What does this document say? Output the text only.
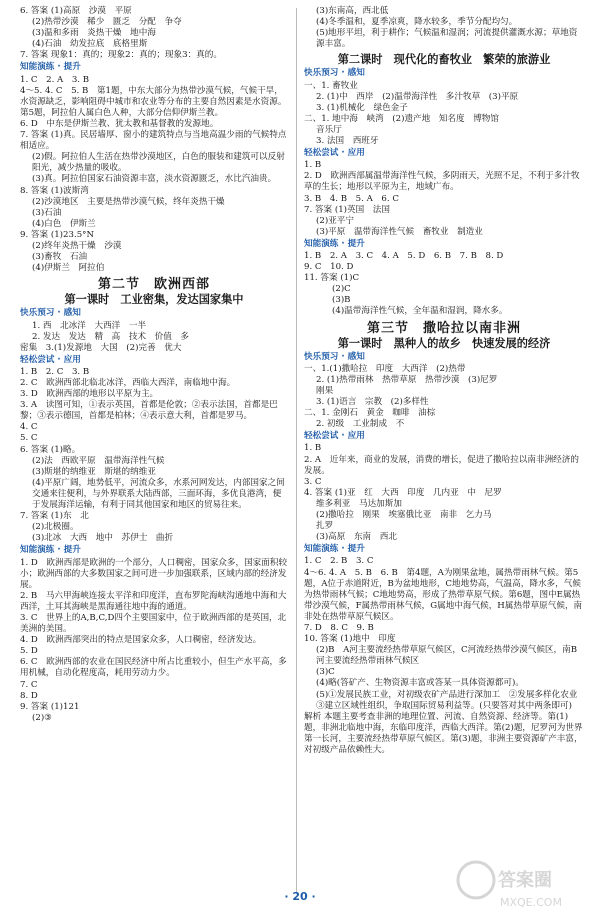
6. 答案 (1)高原　沙漠　平原
(2)热带沙漠　稀少　匮乏　分配　争夺
(3)温和多雨　炎热干燥　地中海
(4)石油　幼发拉底　底格里斯
7. 答案 现象1：真的；现象2：真的；现象3：真的。
知能演练 · 提升
1. C　2. A　3. B
4～5. 4. C　5. B　第1题，中东大部分为热带沙漠气候，气候干旱，水资源缺乏，影响阻碍中城市和农业等分布的主要自然因素是水资源。第5题，阿拉伯人属白色人种，大部分信仰伊斯兰教。
6. D　中东是伊斯兰教、犹太教和基督教的发源地。
7. 答案 (1)真。民居墙厚、窗小的建筑特点与当地高温少雨的气候特点相适应。
(2)假。阿拉伯人生活在热带沙漠地区，白色的服装和建筑可以反射阳光，减少热量的吸收。
(3)真。阿拉伯国家石油资源丰富，淡水资源匮乏，水比汽油贵。
8. 答案 (1)波斯湾
(2)沙漠地区　主要是热带沙漠气候，终年炎热干燥
(3)石油
(4)白色　伊斯兰
9. 答案 (1)23.5°N
(2)终年炎热干燥　沙漠
(3)畜牧　石油
(4)伊斯兰　阿拉伯
第二节　欧洲西部
第一课时　工业密集，发达国家集中
快乐预习 · 感知
1. 西　北冰洋　大西洋　一半
2. 发达　发达　精　高　技术　价值　多
密集　3.(1)发源地　大国　(2)完善　优大
轻松尝试 · 应用
1. B　2. C　3. B
2. C　欧洲西部北临北冰洋，西临大西洋，南临地中海。
3. D　欧洲西部的地形以平原为主。
3. A　读图可知，①表示英国，首都是伦敦；②表示法国，首都是巴黎；③表示德国，首都是柏林；④表示意大利，首都是罗马。
4. C
5. C
6. 答案 (1)略。
(2)法　西欧平原　温带海洋性气候
(3)斯堪的纳维亚　斯堪的纳维亚
(4)平原广阔，地势低平，河流众多，水系河网发达，内部国家之间交通来往便利，与外界联系大陆西部，三面环海，多优良港湾，便于发展海洋运输，有利于同其他国家和地区的贸易往来。
7. 答案 (1)东　北
(2)北极圈。
(3)北冰　大西　地中　苏伊士　曲折
知能演练 · 提升
1. D　欧洲西部是欧洲的一个部分，人口稠密，国家众多，国家面积较小；欧洲西部的大多数国家之间可进一步加强联系，区域内部的经济发展。
2. B　马六甲海峡连接太平洋和印度洋，直布罗陀海峡沟通地中海和大西洋，土耳其海峡是黑海通往地中海的通道。
3. C　世界上的A,B,C,D四个主要国家中，位于欧洲西部的是英国，北美洲的美国。
4. D　欧洲西部突出的特点是国家众多，人口稠密，经济发达。
5. D
6. C　欧洲西部的农业在国民经济中所占比重较小，但生产水平高，多用机械，自动化程度高，耗用劳动力少。
7. C
8. D
9. 答案 (1)121
(2)③
(3)东南高，西北低
(4)冬季温和，夏季凉爽，降水较多，季节分配均匀。
(5)地形平坦，利于耕作；气候温和湿润；河流提供灌溉水源；草地资源丰富。
第二课时　现代化的畜牧业　繁荣的旅游业
快乐预习 · 感知
一、1. 畜牧业
2. (1)中　西岸　(2)温带海洋性　多汁牧草　(3)平原
3. (1)机械化　绿色金子
二、1. 地中海　峡湾　(2)遗产地　知名度　博物馆
音乐厅
3. 法国　西班牙
轻松尝试 · 应用
1. B
2. D　欧洲西部属温带海洋性气候，多阴雨天，光照不足，不利于多汁牧草的生长；地形以平原为主，地域广布。
3. B　4. B　5. A　6. C
7. 答案 (1)英国　法国
(2)亚平宁
(3)平原　温带海洋性气候　畜牧业　制造业
知能演练 · 提升
1. B　2. A　3. C　4. A　5. D　6. B　7. B　8. D
9. C　10. D
11. 答案 (1)C
(2)C
(3)B
(4)温带海洋性气候，全年温和湿润，降水多。
第三节　撒哈拉以南非洲
第一课时　黑种人的故乡　快速发展的经济
快乐预习 · 感知
一、1.(1)撒哈拉　印度　大西洋　(2)热带
2. (1)热带雨林　热带草原　热带沙漠　(3)尼罗
刚果
3. (1)语言　宗教　(2)多样性
二、1. 金刚石　黄金　咖啡　油棕
2. 初级　工业制成　不
轻松尝试 · 应用
1. B
2. A　近年来，商业的发展，消费的增长，促进了撒哈拉以南非洲经济的发展。
3. C
4. 答案 (1)亚　红　大西　印度　几内亚　中　尼罗
维多利亚　马达加斯加
(2)撒哈拉　刚果　埃塞俄比亚　南非　乞力马
扎罗
(3)高原　东南　西北
知能演练 · 提升
1. C　2. B　3. C
4～6. 4. A　5. B　6. B　第4题，A为刚果盆地，属热带雨林气候。第5题，A位于赤道附近，B为盆地地形，C地地势高，气温高，降水多，气候为热带雨林气候；C地地势高，形成了热带草原气候。第6题，图中E属热带沙漠气候，F属热带雨林气候，G属地中海气候，H属热带草原气候，南非处在热带草原气候区。
7. D　8. C　9. B
10. 答案 (1)地中　印度
(2)B　A河主要流经热带草原气候区，C河流经热带沙漠气候区，南B河主要流经热带雨林气候区
(3)C
(4)略(答矿产、生物资源丰富或答某一具体资源都可)。
(5)①发展民族工业，对初级农矿产品进行深加工　②发展多样化农业　③建立区域性组织，争取国际贸易利益等。(只要答对其中两条即可)
解析 本题主要考查非洲的地理位置、河流、自然资源、经济等。第(1)题，非洲北临地中海，东临印度洋，西临大西洋。第(2)题，尼罗河为世界第一长河，主要流经热带草原气候区。第(3)题，非洲主要资源矿产丰富，对初级产品依赖性大。
· 20 ·
答案圈
MXQE.COM
